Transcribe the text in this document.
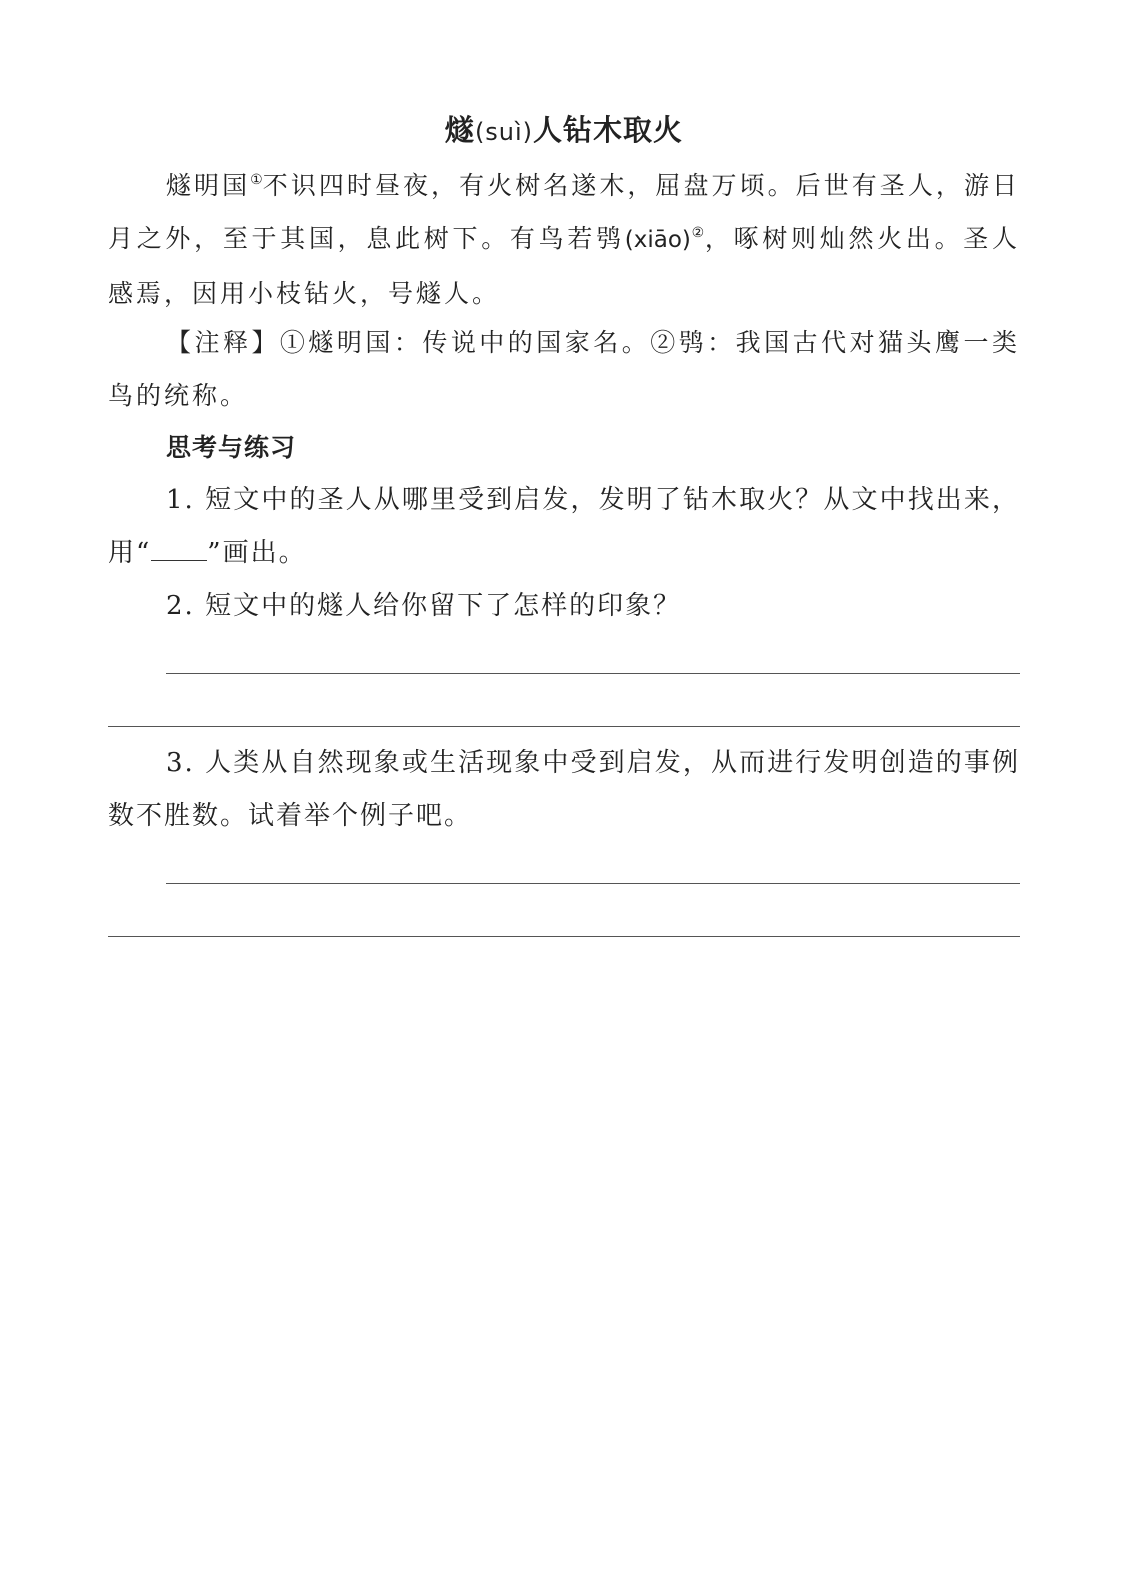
燧(suì)人钻木取火
燧明国①不识四时昼夜，有火树名遂木，屈盘万顷。后世有圣人，游日月之外，至于其国，息此树下。有鸟若鸮(xiāo)②，啄树则灿然火出。圣人感焉，因用小枝钻火，号燧人。
【注释】①燧明国：传说中的国家名。②鸮：我国古代对猫头鹰一类鸟的统称。
思考与练习
1. 短文中的圣人从哪里受到启发，发明了钻木取火？从文中找出来，用“ ”画出。
2. 短文中的燧人给你留下了怎样的印象？
3. 人类从自然现象或生活现象中受到启发，从而进行发明创造的事例数不胜数。试着举个例子吧。
